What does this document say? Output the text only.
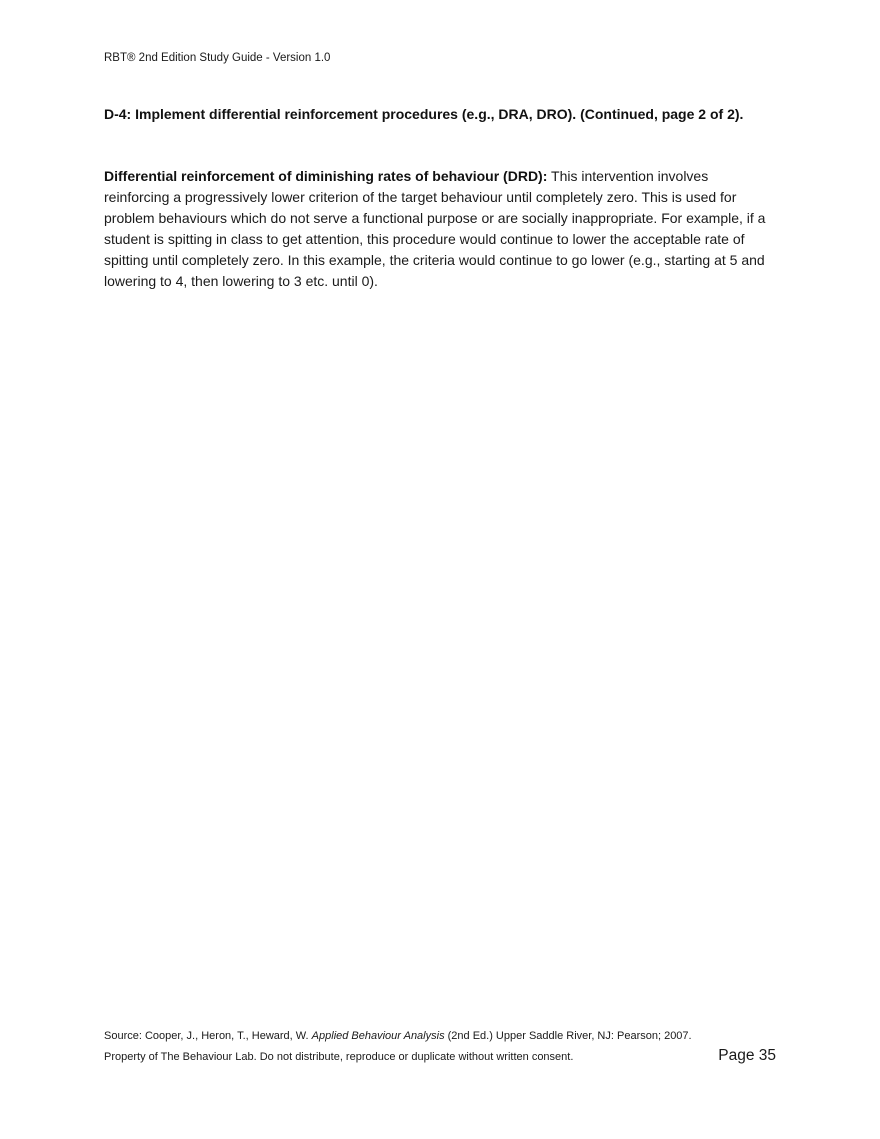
RBT® 2nd Edition Study Guide - Version 1.0
D-4: Implement differential reinforcement procedures (e.g., DRA, DRO). (Continued, page 2 of 2).
Differential reinforcement of diminishing rates of behaviour (DRD): This intervention involves reinforcing a progressively lower criterion of the target behaviour until completely zero. This is used for problem behaviours which do not serve a functional purpose or are socially inappropriate. For example, if a student is spitting in class to get attention, this procedure would continue to lower the acceptable rate of spitting until completely zero. In this example, the criteria would continue to go lower (e.g., starting at 5 and lowering to 4, then lowering to 3 etc. until 0).
Source: Cooper, J., Heron, T., Heward, W. Applied Behaviour Analysis (2nd Ed.) Upper Saddle River, NJ: Pearson; 2007.
Property of The Behaviour Lab. Do not distribute, reproduce or duplicate without written consent.	Page 35
